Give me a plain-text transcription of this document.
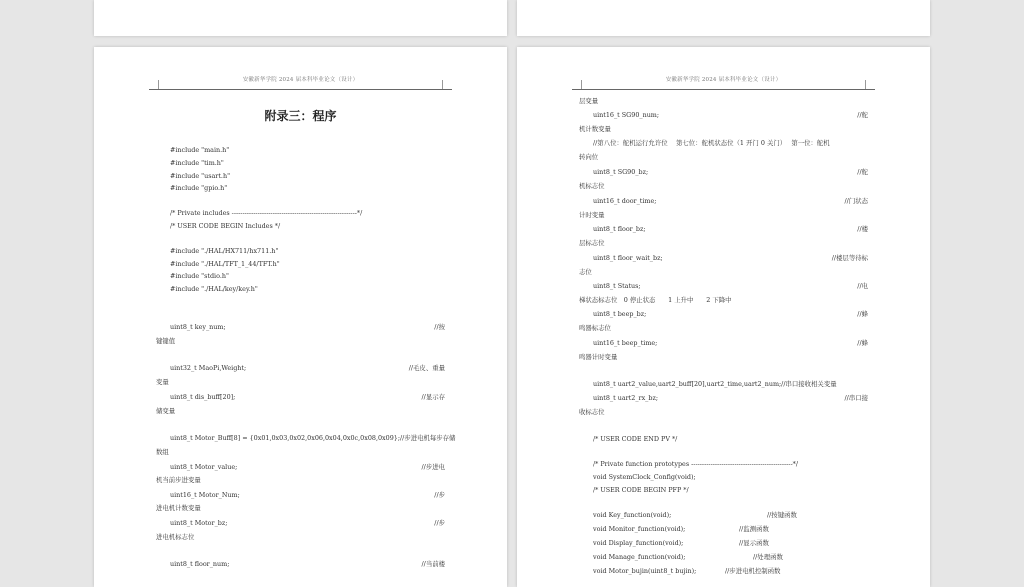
安徽新华学院 2024 届本科毕业论文（设计）
附录三：程序
#include "main.h"
#include "tim.h"
#include "usart.h"
#include "gpio.h"
/* Private includes ----------------------------------------------------------*/
/* USER CODE BEGIN Includes */
#include "./HAL/HX711/hx711.h"
#include "./HAL/TFT_1_44/TFT.h"
#include "stdio.h"
#include "./HAL/key/key.h"
uint8_t key_num;	//按
键键值
uint32_t MaoPi,Weight;	//毛皮、重量
变量
uint8_t dis_buff[20];	//显示存
储变量
uint8_t Motor_Buff[8] = {0x01,0x03,0x02,0x06,0x04,0x0c,0x08,0x09};//步进电机每步存储
数组
uint8_t Motor_value;	//步进电
机当前步进变量
uint16_t Motor_Num;	//步
进电机计数变量
uint8_t Motor_bz;	//步
进电机标志位
uint8_t floor_num;	//当前楼
安徽新华学院 2024 届本科毕业论文（设计）
层变量
uint16_t SG90_num;	//舵
机计数变量
//第八位：舵机运行允许位　 第七位：舵机状态位（1 开门 0 关门）　 第一位：舵机
转向位
uint8_t SG90_bz;	//舵
机标志位
uint16_t door_time;	//门状态
计时变量
uint8_t floor_bz;	//楼
层标志位
uint8_t floor_wait_bz;	//楼层等待标
志位
uint8_t Status;	//电
梯状态标志位　0 停止状态　　1 上升中　　2 下降中
uint8_t beep_bz;	//蜂
鸣器标志位
uint16_t beep_time;	//蜂
鸣器计时变量
uint8_t uart2_value,uart2_buff[20],uart2_time,uart2_num;//串口接收相关变量
uint8_t uart2_rx_bz;	//串口接
收标志位
/* USER CODE END PV */
/* Private function prototypes -----------------------------------------------*/
void SystemClock_Config(void);
/* USER CODE BEGIN PFP */
void Key_function(void);	//按键函数
void Monitor_function(void);	//监测函数
void Display_function(void);	//显示函数
void Manage_function(void);	//处理函数
void Motor_bujin(uint8_t bujin);	//步进电机控制函数
